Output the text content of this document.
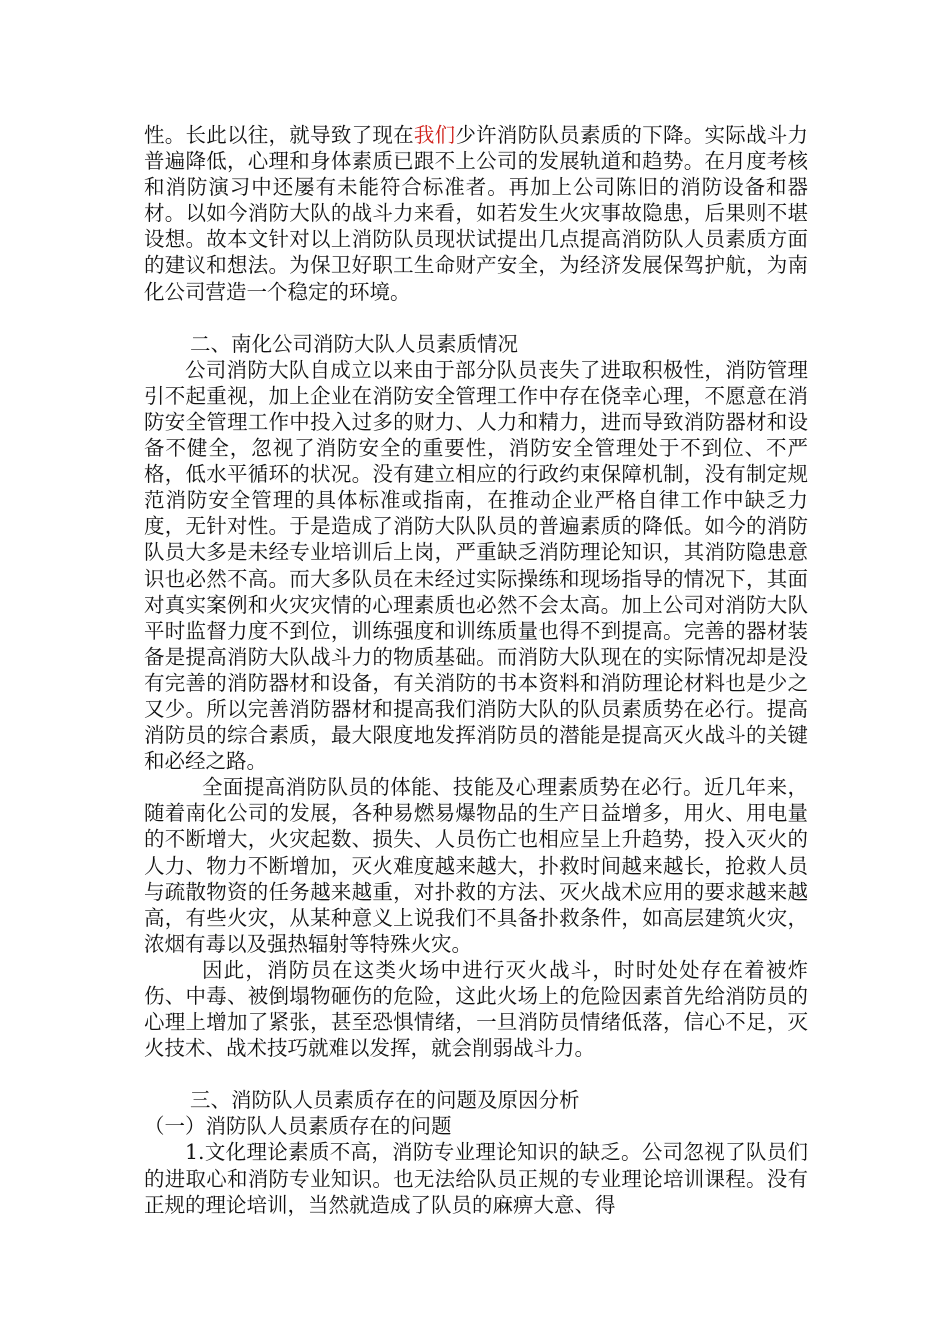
性。长此以往，就导致了现在我们少许消防队员素质的下降。实际战斗力普遍降低，心理和身体素质已跟不上公司的发展轨道和趋势。在月度考核和消防演习中还屡有未能符合标准者。再加上公司陈旧的消防设备和器材。以如今消防大队的战斗力来看，如若发生火灾事故隐患，后果则不堪设想。故本文针对以上消防队员现状试提出几点提高消防队人员素质方面的建议和想法。为保卫好职工生命财产安全，为经济发展保驾护航，为南化公司营造一个稳定的环境。

二、南化公司消防大队人员素质情况

公司消防大队自成立以来由于部分队员丧失了进取积极性，消防管理引不起重视，加上企业在消防安全管理工作中存在侥幸心理，不愿意在消防安全管理工作中投入过多的财力、人力和精力，进而导致消防器材和设备不健全，忽视了消防安全的重要性，消防安全管理处于不到位、不严格，低水平循环的状况。没有建立相应的行政约束保障机制，没有制定规范消防安全管理的具体标准或指南，在推动企业严格自律工作中缺乏力度，无针对性。于是造成了消防大队队员的普遍素质的降低。如今的消防队员大多是未经专业培训后上岗，严重缺乏消防理论知识，其消防隐患意识也必然不高。而大多队员在未经过实际操练和现场指导的情况下，其面对真实案例和火灾灾情的心理素质也必然不会太高。加上公司对消防大队平时监督力度不到位，训练强度和训练质量也得不到提高。完善的器材装备是提高消防大队战斗力的物质基础。而消防大队现在的实际情况却是没有完善的消防器材和设备，有关消防的书本资料和消防理论材料也是少之又少。所以完善消防器材和提高我们消防大队的队员素质势在必行。提高消防员的综合素质，最大限度地发挥消防员的潜能是提高灭火战斗的关键和必经之路。

全面提高消防队员的体能、技能及心理素质势在必行。近几年来，随着南化公司的发展，各种易燃易爆物品的生产日益增多，用火、用电量的不断增大，火灾起数、损失、人员伤亡也相应呈上升趋势，投入灭火的人力、物力不断增加，灭火难度越来越大，扑救时间越来越长，抢救人员与疏散物资的任务越来越重，对扑救的方法、灭火战术应用的要求越来越高，有些火灾，从某种意义上说我们不具备扑救条件，如高层建筑火灾，浓烟有毒以及强热辐射等特殊火灾。

因此，消防员在这类火场中进行灭火战斗，时时处处存在着被炸伤、中毒、被倒塌物砸伤的危险，这此火场上的危险因素首先给消防员的心理上增加了紧张，甚至恐惧情绪，一旦消防员情绪低落，信心不足，灭火技术、战术技巧就难以发挥，就会削弱战斗力。

三、消防队人员素质存在的问题及原因分析

（一）消防队人员素质存在的问题

1.文化理论素质不高，消防专业理论知识的缺乏。公司忽视了队员们的进取心和消防专业知识。也无法给队员正规的专业理论培训课程。没有正规的理论培训，当然就造成了队员的麻痹大意、得
